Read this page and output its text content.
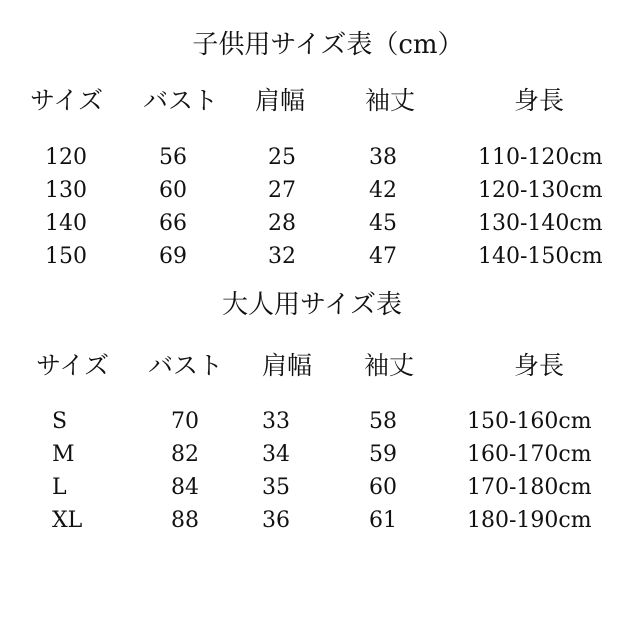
子供用サイズ表（cm）
サイズ バスト 肩幅 袖丈	身長
120	56	25	38	110-120cm
130	60	27	42	120-130cm
140	66	28	45	130-140cm
150	69	32	47	140-150cm
大人用サイズ表
サイズ バスト 肩幅 袖丈	身長
S	70	33	58	150-160cm
M	82	34	59	160-170cm
L	84	35	60	170-180cm
XL	88	36	61	180-190cm
